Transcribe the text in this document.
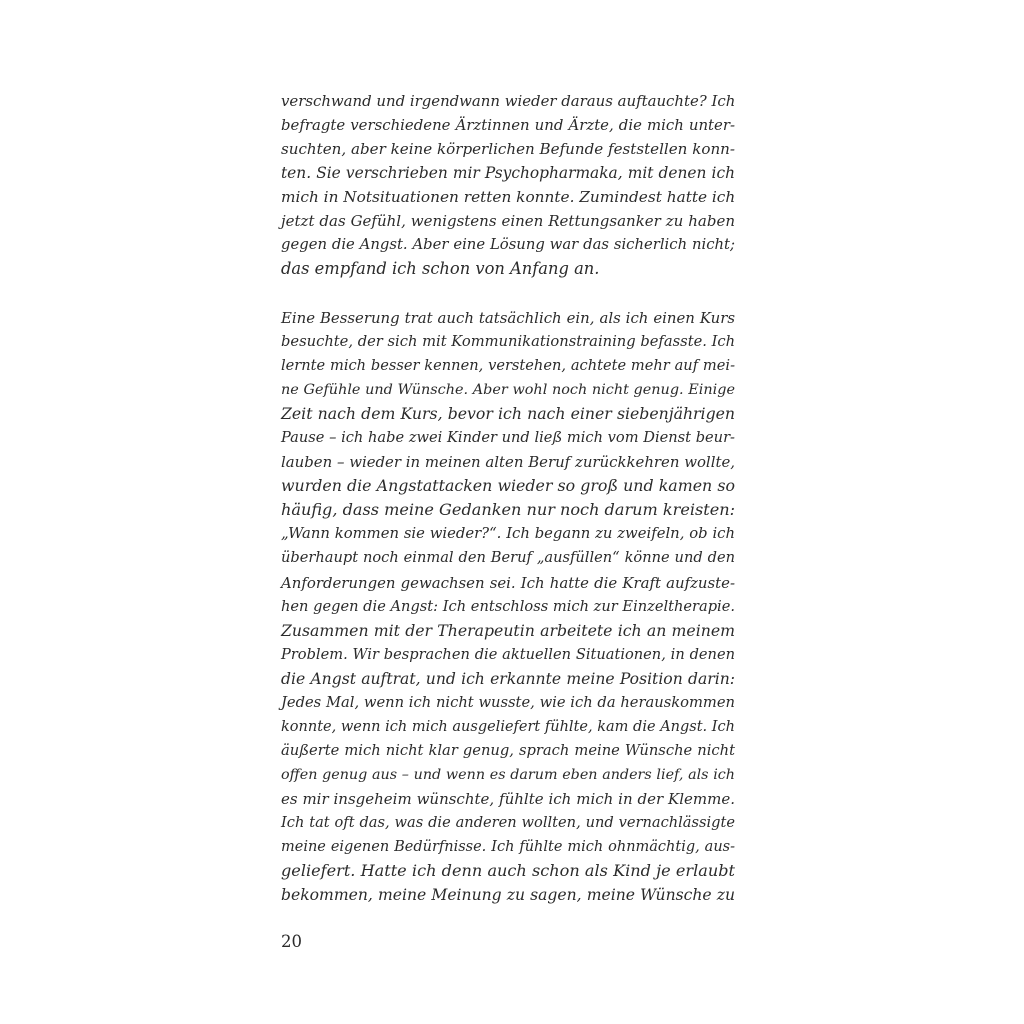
verschwand und irgendwann wieder daraus auftauchte? Ich
befragte verschiedene Ärztinnen und Ärzte, die mich unter-
suchten, aber keine körperlichen Befunde feststellen konn-
ten. Sie verschrieben mir Psychopharmaka, mit denen ich
mich in Notsituationen retten konnte. Zumindest hatte ich
jetzt das Gefühl, wenigstens einen Rettungsanker zu haben
gegen die Angst. Aber eine Lösung war das sicherlich nicht;
das empfand ich schon von Anfang an.
Eine Besserung trat auch tatsächlich ein, als ich einen Kurs
besuchte, der sich mit Kommunikationstraining befasste. Ich
lernte mich besser kennen, verstehen, achtete mehr auf mei-
ne Gefühle und Wünsche. Aber wohl noch nicht genug. Einige
Zeit nach dem Kurs, bevor ich nach einer siebenjährigen
Pause – ich habe zwei Kinder und ließ mich vom Dienst beur-
lauben – wieder in meinen alten Beruf zurückkehren wollte,
wurden die Angstattacken wieder so groß und kamen so
häufig, dass meine Gedanken nur noch darum kreisten:
„Wann kommen sie wieder?“. Ich begann zu zweifeln, ob ich
überhaupt noch einmal den Beruf „ausfüllen“ könne und den
Anforderungen gewachsen sei. Ich hatte die Kraft aufzuste-
hen gegen die Angst: Ich entschloss mich zur Einzeltherapie.
Zusammen mit der Therapeutin arbeitete ich an meinem
Problem. Wir besprachen die aktuellen Situationen, in denen
die Angst auftrat, und ich erkannte meine Position darin:
Jedes Mal, wenn ich nicht wusste, wie ich da herauskommen
konnte, wenn ich mich ausgeliefert fühlte, kam die Angst. Ich
äußerte mich nicht klar genug, sprach meine Wünsche nicht
offen genug aus – und wenn es darum eben anders lief, als ich
es mir insgeheim wünschte, fühlte ich mich in der Klemme.
Ich tat oft das, was die anderen wollten, und vernachlässigte
meine eigenen Bedürfnisse. Ich fühlte mich ohnmächtig, aus-
geliefert. Hatte ich denn auch schon als Kind je erlaubt
bekommen, meine Meinung zu sagen, meine Wünsche zu
20
